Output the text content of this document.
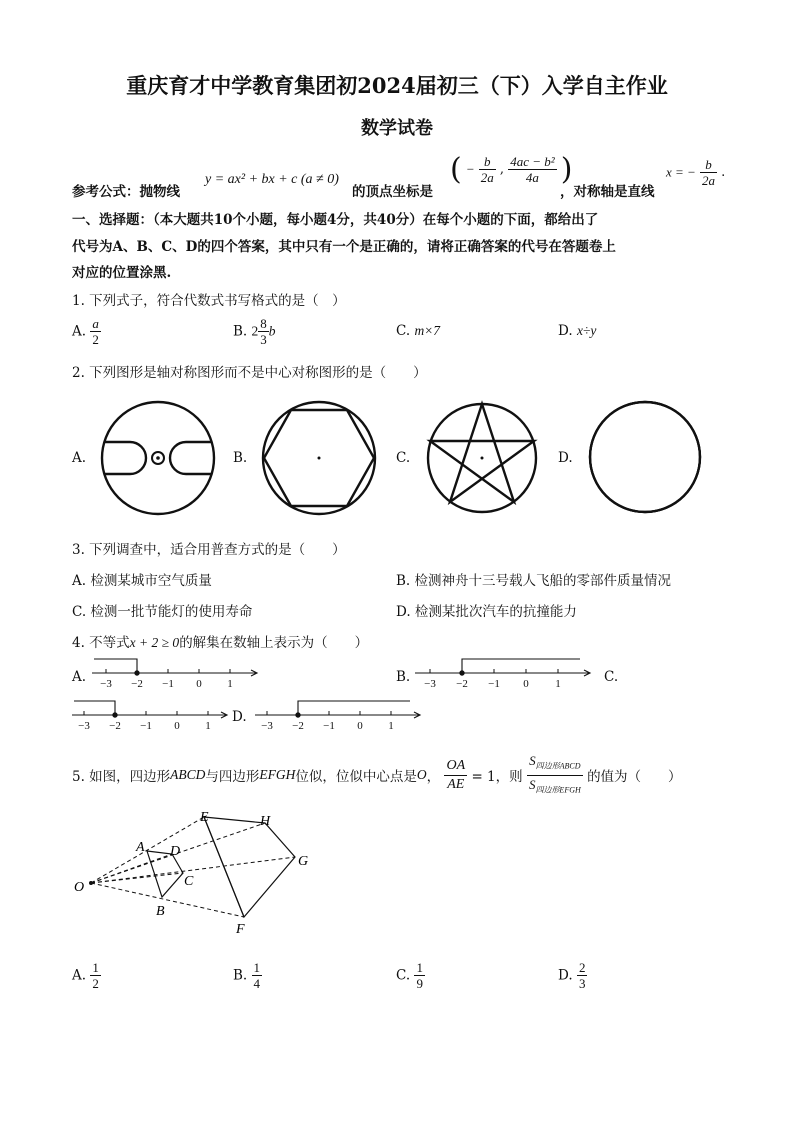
重庆育才中学教育集团初2024届初三（下）入学自主作业
数学试卷
参考公式：抛物线
y = ax² + bx + c (a ≠ 0)
的顶点坐标是
( − $\frac{b}{2a}$ , $\frac{\text{4ac − b²}}{4a}$ )
，对称轴是直线
x = − $\frac{b}{2a}$ .
一、选择题：（本大题共10个小题，每小题4分，共40分）在每个小题的下面，都给出了
代号为A、B、C、D的四个答案，其中只有一个是正确的，请将正确答案的代号在答题卷上
对应的位置涂黑.
1. 下列式子，符合代数式书写格式的是（　）
A. $\frac{a}{2}$	B. $2 \frac{8}{3}$ b	C. m×7	D. x÷y
2. 下列图形是轴对称图形而不是中心对称图形的是（　　）
A.	B.	C.	D.
3. 下列调查中，适合用普查方式的是（　　）
A. 检测某城市空气质量	B. 检测神舟十三号载人飞船的零部件质量情况
C. 检测一批节能灯的使用寿命	D. 检测某批次汽车的抗撞能力
4. 不等式x + 2 ≥ 0的解集在数轴上表示为（　　）
A. −3 −2 −1 0 1	B. −3 −2 −1 0 1	C.
−3 −2 −1 0 1
D.
−3 −2 −1 0 1
5. 如图，四边形ABCD与四边形EFGH位似，位似中心点是O， $\frac{OA}{AE} = 1$，则 $\frac{S_{四边形ABCD}}{S_{四边形EFGH}}$ 的值为（　　）
O
A
B
C
D
E
F
G
H
A. $\frac{1}{2}$	B. $\frac{1}{4}$	C. $\frac{1}{9}$	D. $\frac{2}{3}$
